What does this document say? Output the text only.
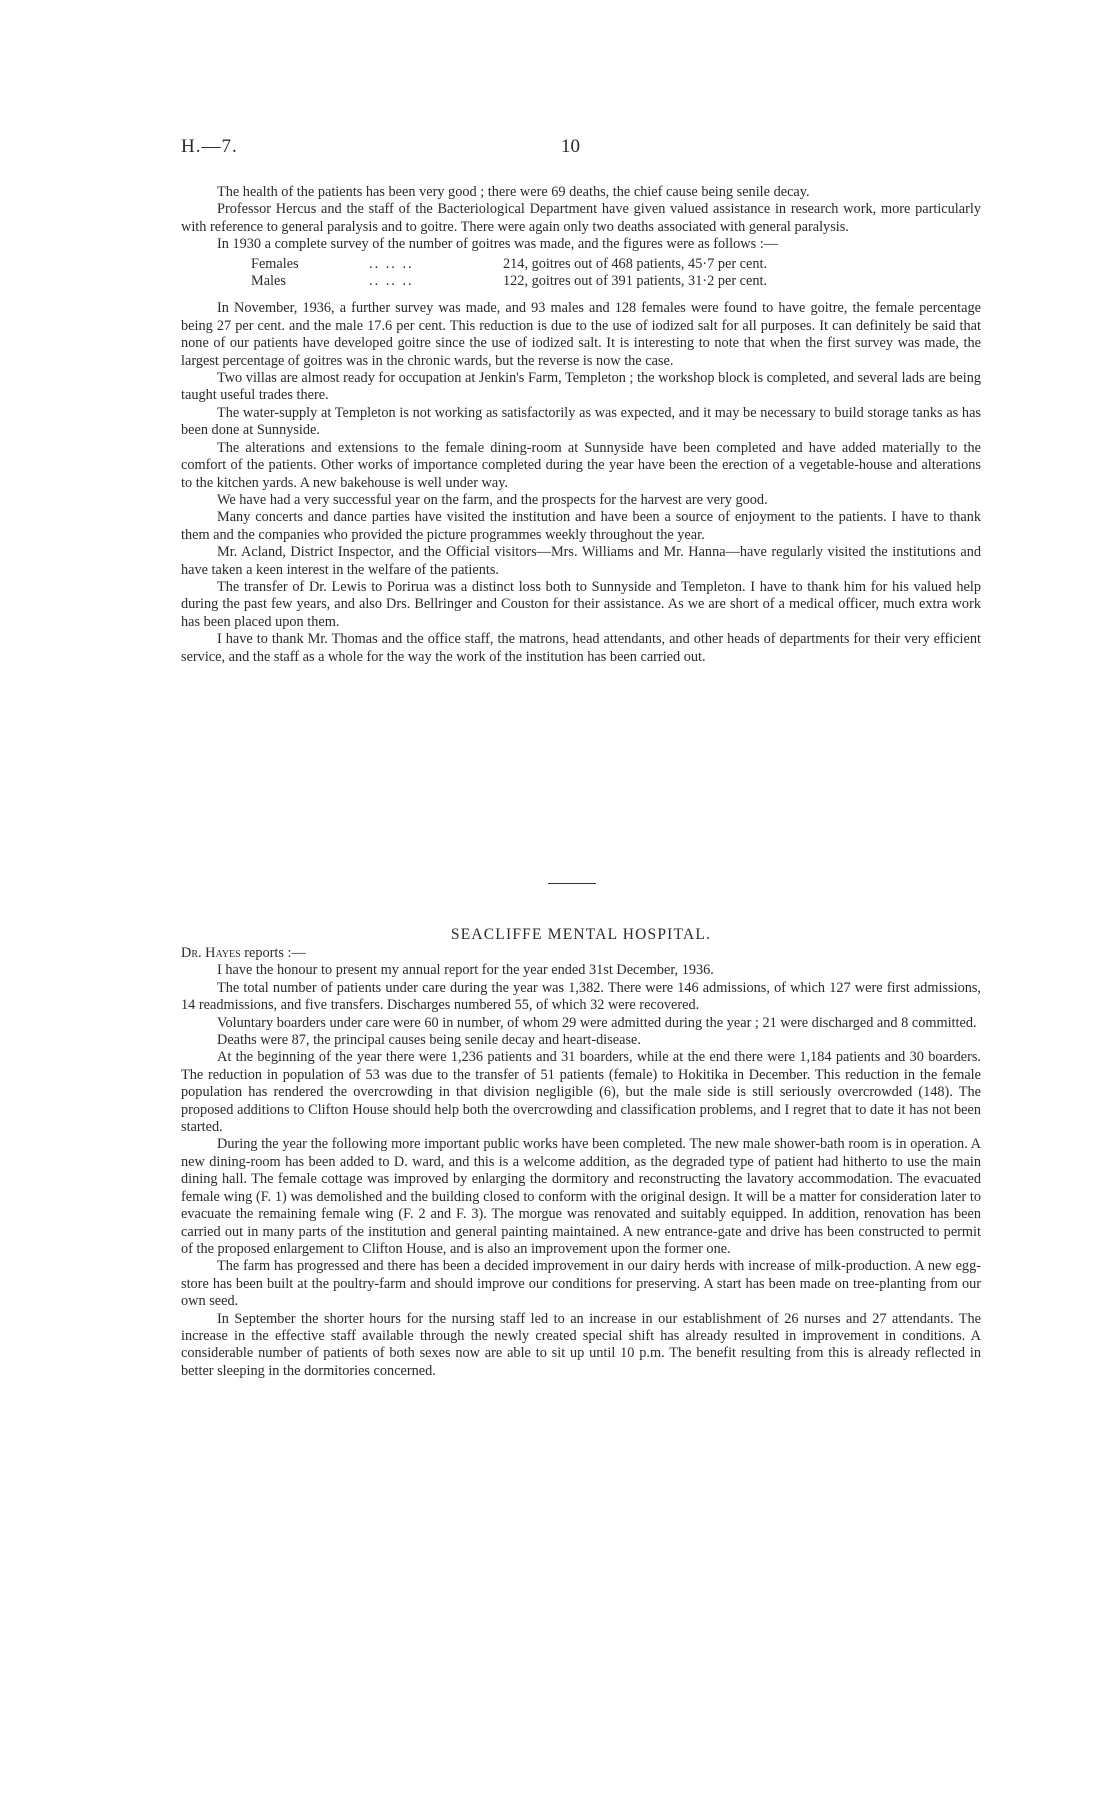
H.—7.	10

The health of the patients has been very good ; there were 69 deaths, the chief cause being senile decay.

Professor Hercus and the staff of the Bacteriological Department have given valued assistance in research work, more particularly with reference to general paralysis and to goitre. There were again only two deaths associated with general paralysis.

In 1930 a complete survey of the number of goitres was made, and the figures were as follows :—

Females	.. .. ..	214, goitres out of 468 patients, 45·7 per cent.
Males	.. .. ..	122, goitres out of 391 patients, 31·2 per cent.

In November, 1936, a further survey was made, and 93 males and 128 females were found to have goitre, the female percentage being 27 per cent. and the male 17.6 per cent. This reduction is due to the use of iodized salt for all purposes. It can definitely be said that none of our patients have developed goitre since the use of iodized salt. It is interesting to note that when the first survey was made, the largest percentage of goitres was in the chronic wards, but the reverse is now the case.

Two villas are almost ready for occupation at Jenkin's Farm, Templeton ; the workshop block is completed, and several lads are being taught useful trades there.

The water-supply at Templeton is not working as satisfactorily as was expected, and it may be necessary to build storage tanks as has been done at Sunnyside.

The alterations and extensions to the female dining-room at Sunnyside have been completed and have added materially to the comfort of the patients. Other works of importance completed during the year have been the erection of a vegetable-house and alterations to the kitchen yards. A new bakehouse is well under way.

We have had a very successful year on the farm, and the prospects for the harvest are very good.

Many concerts and dance parties have visited the institution and have been a source of enjoyment to the patients. I have to thank them and the companies who provided the picture programmes weekly throughout the year.

Mr. Acland, District Inspector, and the Official visitors—Mrs. Williams and Mr. Hanna—have regularly visited the institutions and have taken a keen interest in the welfare of the patients.

The transfer of Dr. Lewis to Porirua was a distinct loss both to Sunnyside and Templeton. I have to thank him for his valued help during the past few years, and also Drs. Bellringer and Couston for their assistance. As we are short of a medical officer, much extra work has been placed upon them.

I have to thank Mr. Thomas and the office staff, the matrons, head attendants, and other heads of departments for their very efficient service, and the staff as a whole for the way the work of the institution has been carried out.

SEACLIFFE MENTAL HOSPITAL.

Dr. Hayes reports :—

I have the honour to present my annual report for the year ended 31st December, 1936.

The total number of patients under care during the year was 1,382. There were 146 admissions, of which 127 were first admissions, 14 readmissions, and five transfers. Discharges numbered 55, of which 32 were recovered.

Voluntary boarders under care were 60 in number, of whom 29 were admitted during the year ; 21 were discharged and 8 committed.

Deaths were 87, the principal causes being senile decay and heart-disease.

At the beginning of the year there were 1,236 patients and 31 boarders, while at the end there were 1,184 patients and 30 boarders. The reduction in population of 53 was due to the transfer of 51 patients (female) to Hokitika in December. This reduction in the female population has rendered the overcrowding in that division negligible (6), but the male side is still seriously overcrowded (148). The proposed additions to Clifton House should help both the overcrowding and classification problems, and I regret that to date it has not been started.

During the year the following more important public works have been completed. The new male shower-bath room is in operation. A new dining-room has been added to D. ward, and this is a welcome addition, as the degraded type of patient had hitherto to use the main dining hall. The female cottage was improved by enlarging the dormitory and reconstructing the lavatory accommodation. The evacuated female wing (F. 1) was demolished and the building closed to conform with the original design. It will be a matter for consideration later to evacuate the remaining female wing (F. 2 and F. 3). The morgue was renovated and suitably equipped. In addition, renovation has been carried out in many parts of the institution and general painting maintained. A new entrance-gate and drive has been constructed to permit of the proposed enlargement to Clifton House, and is also an improvement upon the former one.

The farm has progressed and there has been a decided improvement in our dairy herds with increase of milk-production. A new egg-store has been built at the poultry-farm and should improve our conditions for preserving. A start has been made on tree-planting from our own seed.

In September the shorter hours for the nursing staff led to an increase in our establishment of 26 nurses and 27 attendants. The increase in the effective staff available through the newly created special shift has already resulted in improvement in conditions. A considerable number of patients of both sexes now are able to sit up until 10 p.m. The benefit resulting from this is already reflected in better sleeping in the dormitories concerned.
